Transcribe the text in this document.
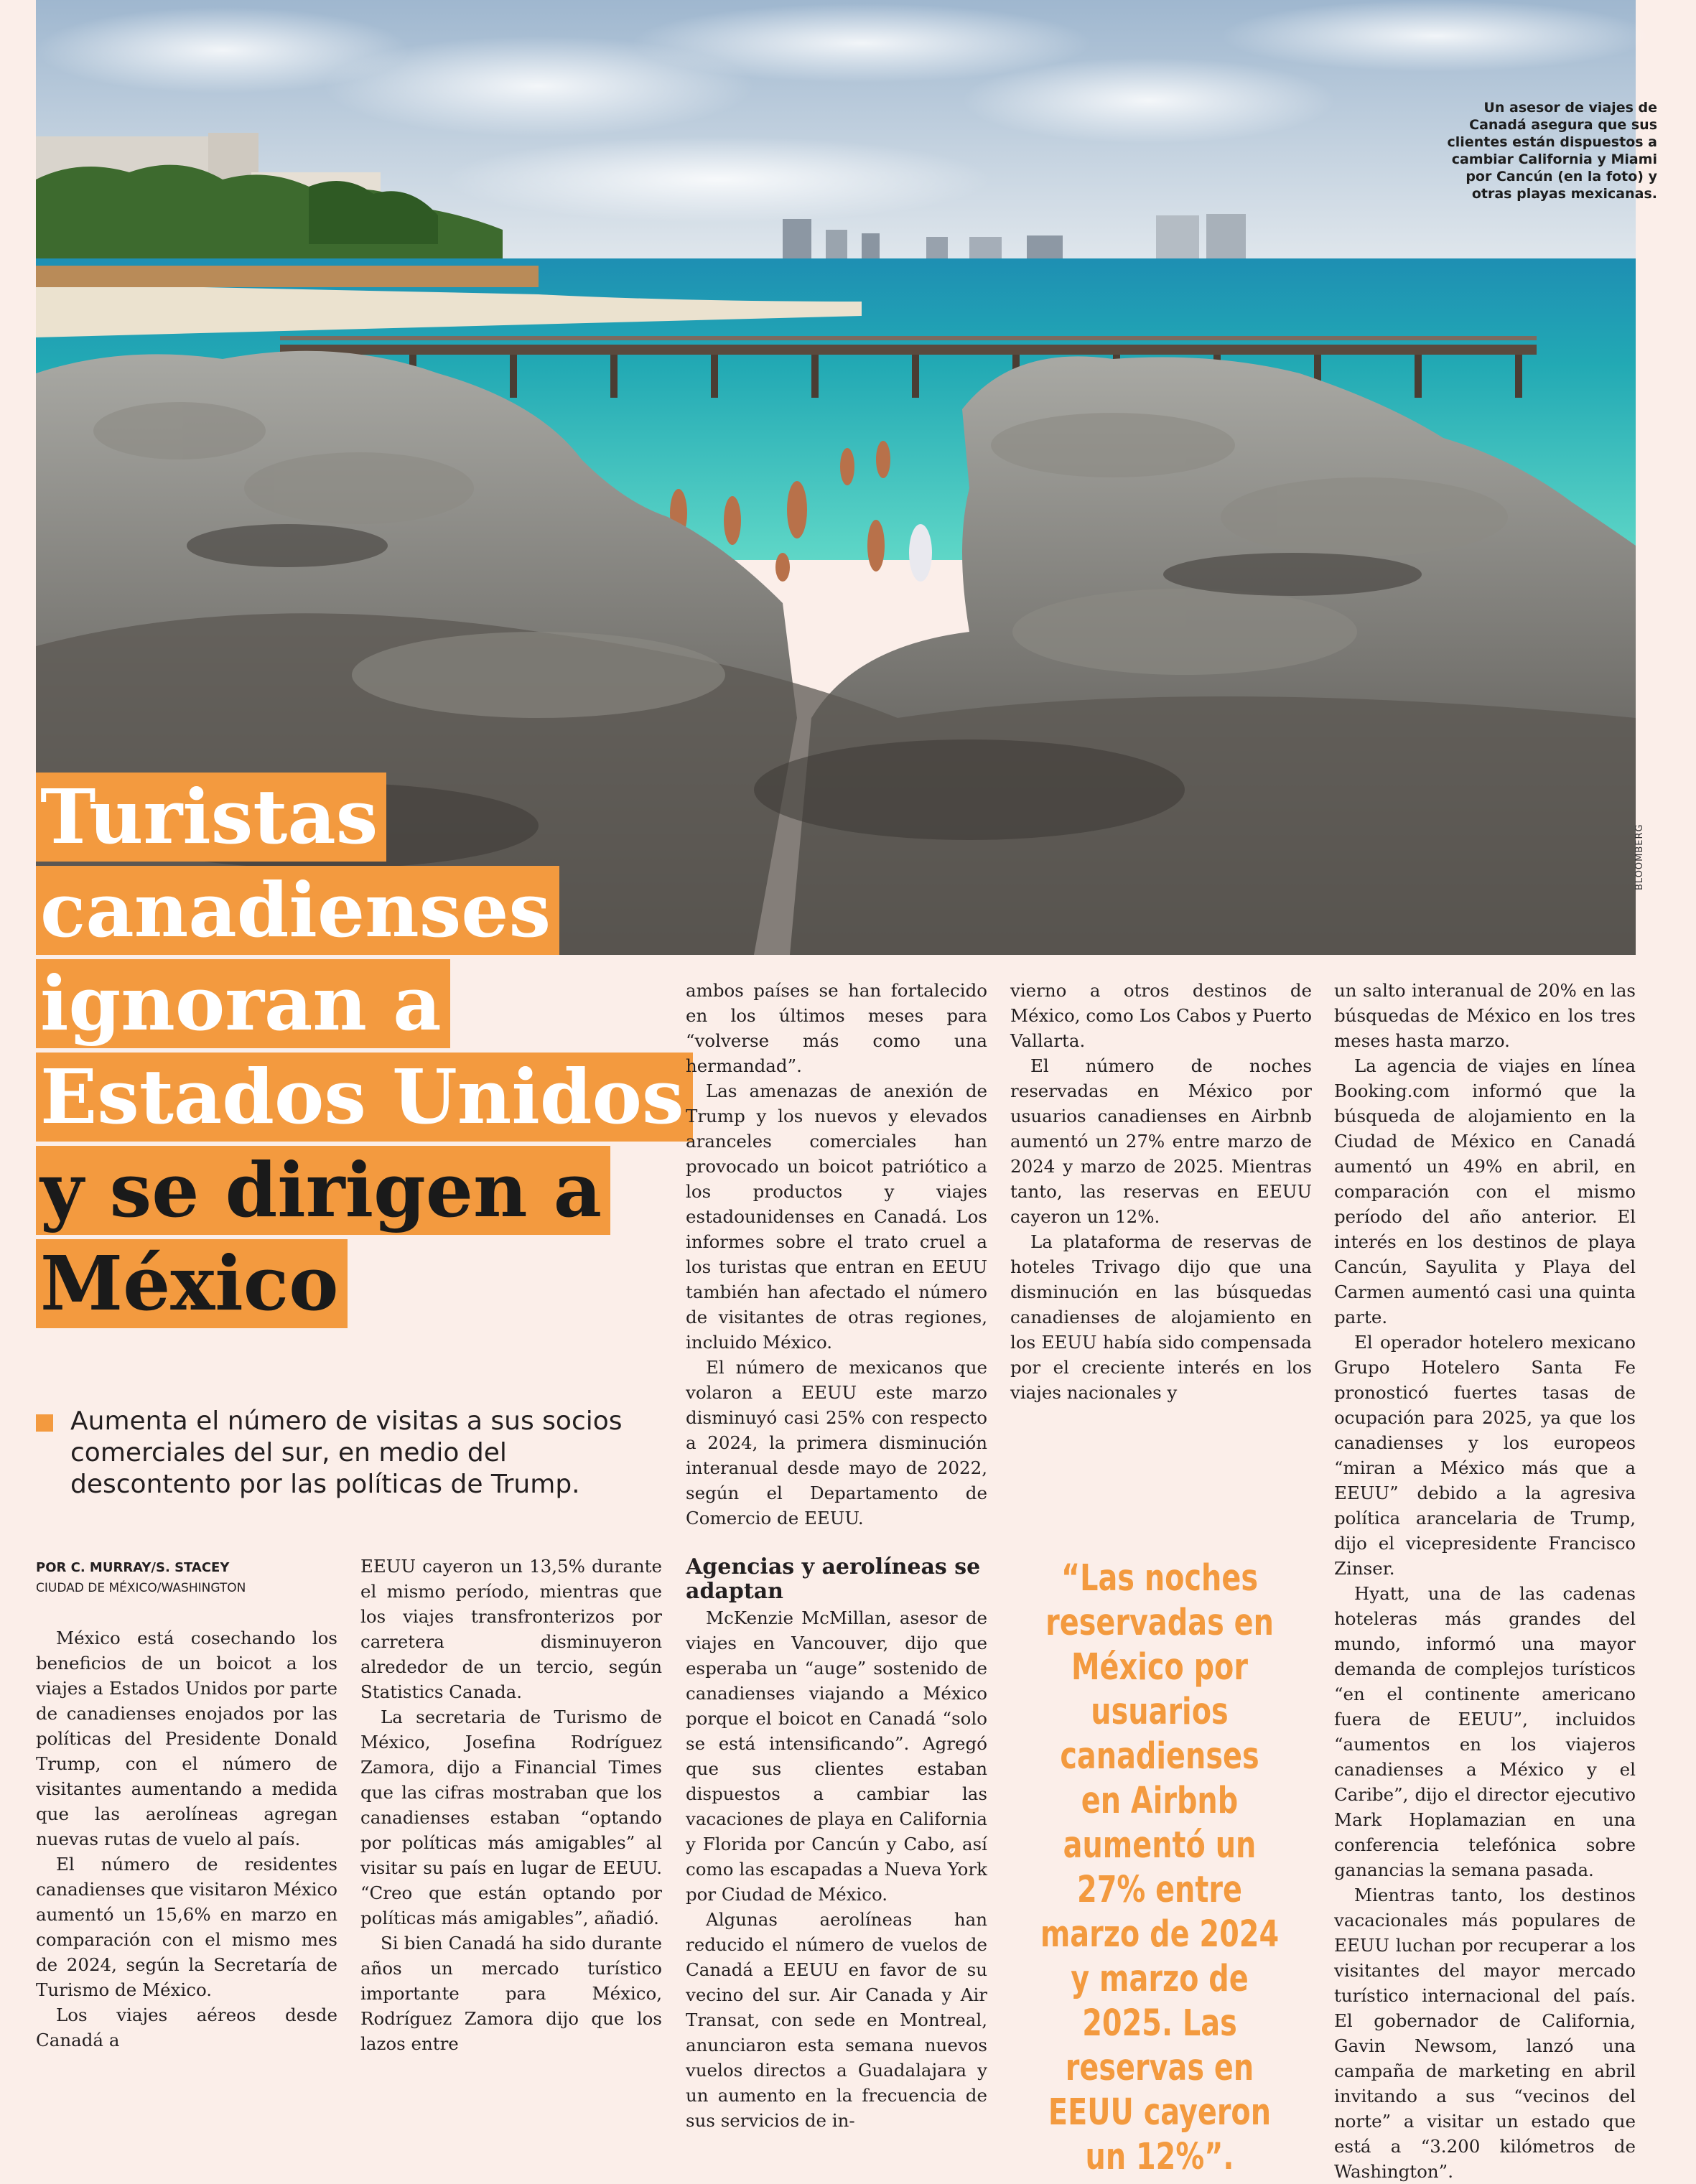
Un asesor de viajes de Canadá asegura que sus clientes están dispuestos a cambiar California y Miami por Cancún (en la foto) y otras playas mexicanas.
BLOOMBERG
Turistas
canadienses
ignoran a
Estados Unidos
y se dirigen a
México
Aumenta el número de visitas a sus socios comerciales del sur, en medio del descontento por las políticas de Trump.
POR C. MURRAY/S. STACEY
CIUDAD DE MÉXICO/WASHINGTON

México está cosechando los beneficios de un boicot a los viajes a Estados Unidos por parte de canadienses enojados por las políticas del Presidente Donald Trump, con el número de visitantes aumentando a medida que las aerolíneas agregan nuevas rutas de vuelo al país.

El número de residentes canadienses que visitaron México aumentó un 15,6% en marzo en comparación con el mismo mes de 2024, según la Secretaría de Turismo de México.

Los viajes aéreos desde Canadá a

EEUU cayeron un 13,5% durante el mismo período, mientras que los viajes transfronterizos por carretera disminuyeron alrededor de un tercio, según Statistics Canada.

La secretaria de Turismo de México, Josefina Rodríguez Zamora, dijo a Financial Times que las cifras mostraban que los canadienses estaban “optando por políticas más amigables” al visitar su país en lugar de EEUU. “Creo que están optando por políticas más amigables”, añadió.

Si bien Canadá ha sido durante años un mercado turístico importante para México, Rodríguez Zamora dijo que los lazos entre

ambos países se han fortalecido en los últimos meses para “volverse más como una hermandad”.

Las amenazas de anexión de Trump y los nuevos y elevados aranceles comerciales han provocado un boicot patriótico a los productos y viajes estadounidenses en Canadá. Los informes sobre el trato cruel a los turistas que entran en EEUU también han afectado el número de visitantes de otras regiones, incluido México.

El número de mexicanos que volaron a EEUU este marzo disminuyó casi 25% con respecto a 2024, la primera disminución interanual desde mayo de 2022, según el Departamento de Comercio de EEUU.

Agencias y aerolíneas se adaptan

McKenzie McMillan, asesor de viajes en Vancouver, dijo que esperaba un “auge” sostenido de canadienses viajando a México porque el boicot en Canadá “solo se está intensificando”. Agregó que sus clientes estaban dispuestos a cambiar las vacaciones de playa en California y Florida por Cancún y Cabo, así como las escapadas a Nueva York por Ciudad de México.

Algunas aerolíneas han reducido el número de vuelos de Canadá a EEUU en favor de su vecino del sur. Air Canada y Air Transat, con sede en Montreal, anunciaron esta semana nuevos vuelos directos a Guadalajara y un aumento en la frecuencia de sus servicios de in-

vierno a otros destinos de México, como Los Cabos y Puerto Vallarta.

El número de noches reservadas en México por usuarios canadienses en Airbnb aumentó un 27% entre marzo de 2024 y marzo de 2025. Mientras tanto, las reservas en EEUU cayeron un 12%.

La plataforma de reservas de hoteles Trivago dijo que una disminución en las búsquedas canadienses de alojamiento en los EEUU había sido compensada por el creciente interés en los viajes nacionales y

un salto interanual de 20% en las búsquedas de México en los tres meses hasta marzo.

La agencia de viajes en línea Booking.com informó que la búsqueda de alojamiento en la Ciudad de México en Canadá aumentó un 49% en abril, en comparación con el mismo período del año anterior. El interés en los destinos de playa Cancún, Sayulita y Playa del Carmen aumentó casi una quinta parte.

El operador hotelero mexicano Grupo Hotelero Santa Fe pronosticó fuertes tasas de ocupación para 2025, ya que los canadienses y los europeos “miran a México más que a EEUU” debido a la agresiva política arancelaria de Trump, dijo el vicepresidente Francisco Zinser.

Hyatt, una de las cadenas hoteleras más grandes del mundo, informó una mayor demanda de complejos turísticos “en el continente americano fuera de EEUU”, incluidos “aumentos en los viajeros canadienses a México y el Caribe”, dijo el director ejecutivo Mark Hoplamazian en una conferencia telefónica sobre ganancias la semana pasada.

Mientras tanto, los destinos vacacionales más populares de EEUU luchan por recuperar a los visitantes del mayor mercado turístico internacional del país. El gobernador de California, Gavin Newsom, lanzó una campaña de marketing en abril invitando a sus “vecinos del norte” a visitar un estado que está a “3.200 kilómetros de Washington”.

“Las noches reservadas en México por usuarios canadienses en Airbnb aumentó un 27% entre marzo de 2024 y marzo de 2025. Las reservas en EEUU cayeron un 12%”.
